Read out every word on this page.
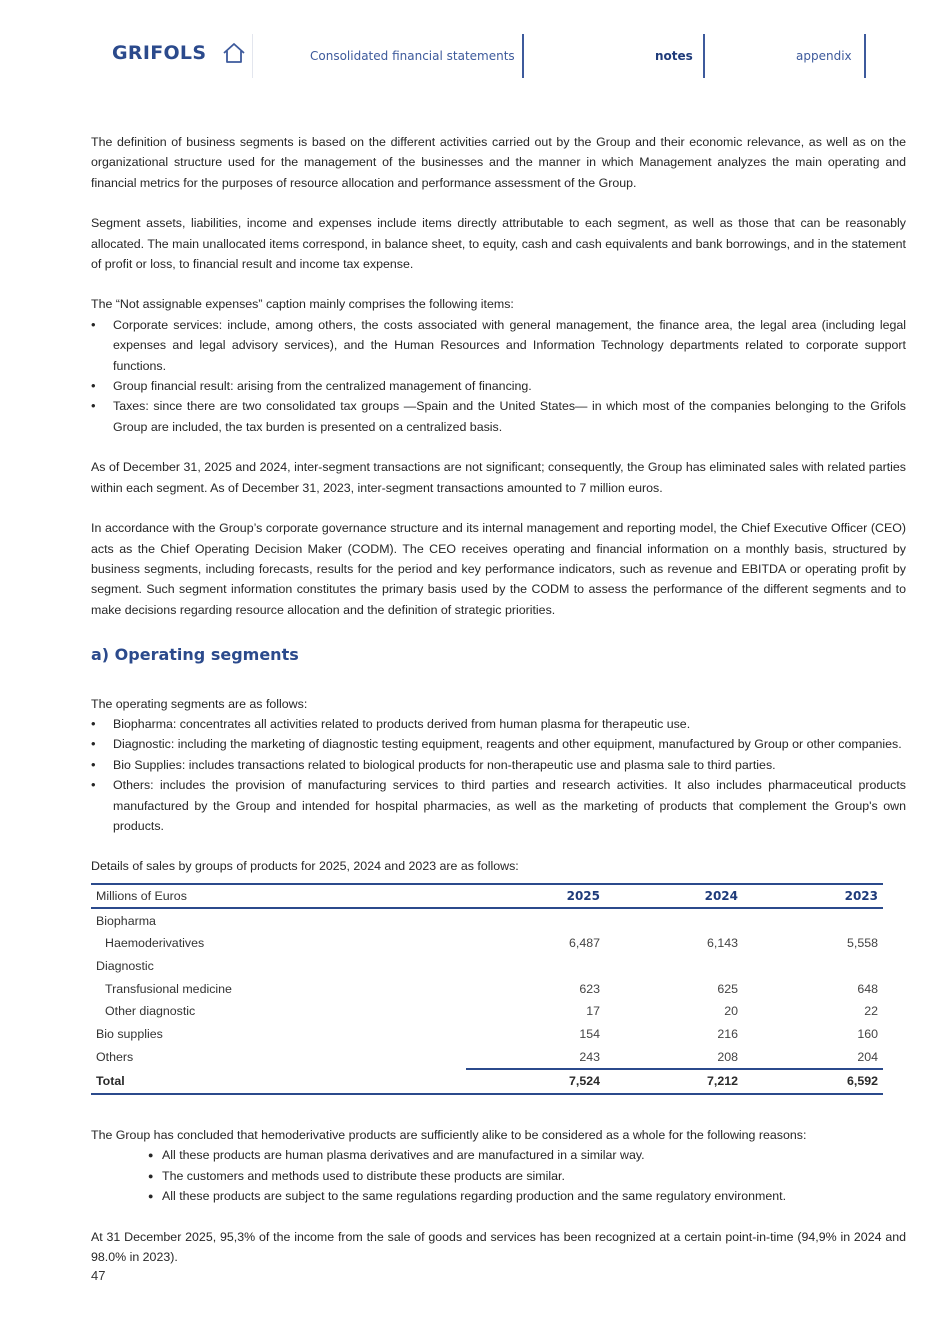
GRIFOLS	Consolidated financial statements	notes	appendix

The definition of business segments is based on the different activities carried out by the Group and their economic relevance, as well as on the organizational structure used for the management of the businesses and the manner in which Management analyzes the main operating and financial metrics for the purposes of resource allocation and performance assessment of the Group.

Segment assets, liabilities, income and expenses include items directly attributable to each segment, as well as those that can be reasonably allocated. The main unallocated items correspond, in balance sheet, to equity, cash and cash equivalents and bank borrowings, and in the statement of profit or loss, to financial result and income tax expense.

The “Not assignable expenses” caption mainly comprises the following items:

• Corporate services: include, among others, the costs associated with general management, the finance area, the legal area (including legal expenses and legal advisory services), and the Human Resources and Information Technology departments related to corporate support functions.
• Group financial result: arising from the centralized management of financing.
• Taxes: since there are two consolidated tax groups —Spain and the United States— in which most of the companies belonging to the Grifols Group are included, the tax burden is presented on a centralized basis.

As of December 31, 2025 and 2024, inter-segment transactions are not significant; consequently, the Group has eliminated sales with related parties within each segment. As of December 31, 2023, inter-segment transactions amounted to 7 million euros.

In accordance with the Group’s corporate governance structure and its internal management and reporting model, the Chief Executive Officer (CEO) acts as the Chief Operating Decision Maker (CODM). The CEO receives operating and financial information on a monthly basis, structured by business segments, including forecasts, results for the period and key performance indicators, such as revenue and EBITDA or operating profit by segment. Such segment information constitutes the primary basis used by the CODM to assess the performance of the different segments and to make decisions regarding resource allocation and the definition of strategic priorities.

a) Operating segments

The operating segments are as follows:

• Biopharma: concentrates all activities related to products derived from human plasma for therapeutic use.
• Diagnostic: including the marketing of diagnostic testing equipment, reagents and other equipment, manufactured by Group or other companies.
• Bio Supplies: includes transactions related to biological products for non-therapeutic use and plasma sale to third parties.
• Others: includes the provision of manufacturing services to third parties and research activities. It also includes pharmaceutical products manufactured by the Group and intended for hospital pharmacies, as well as the marketing of products that complement the Group's own products.

Details of sales by groups of products for 2025, 2024 and 2023 are as follows:

Millions of Euros	2025	2024	2023
Biopharma			
Haemoderivatives	6,487	6,143	5,558
Diagnostic			
Transfusional medicine	623	625	648
Other diagnostic	17	20	22
Bio supplies	154	216	160
Others	243	208	204
Total	7,524	7,212	6,592

The Group has concluded that hemoderivative products are sufficiently alike to be considered as a whole for the following reasons:

● All these products are human plasma derivatives and are manufactured in a similar way.
● The customers and methods used to distribute these products are similar.
● All these products are subject to the same regulations regarding production and the same regulatory environment.

At 31 December 2025, 95,3% of the income from the sale of goods and services has been recognized at a certain point-in-time (94,9% in 2024 and 98.0% in 2023).

47
